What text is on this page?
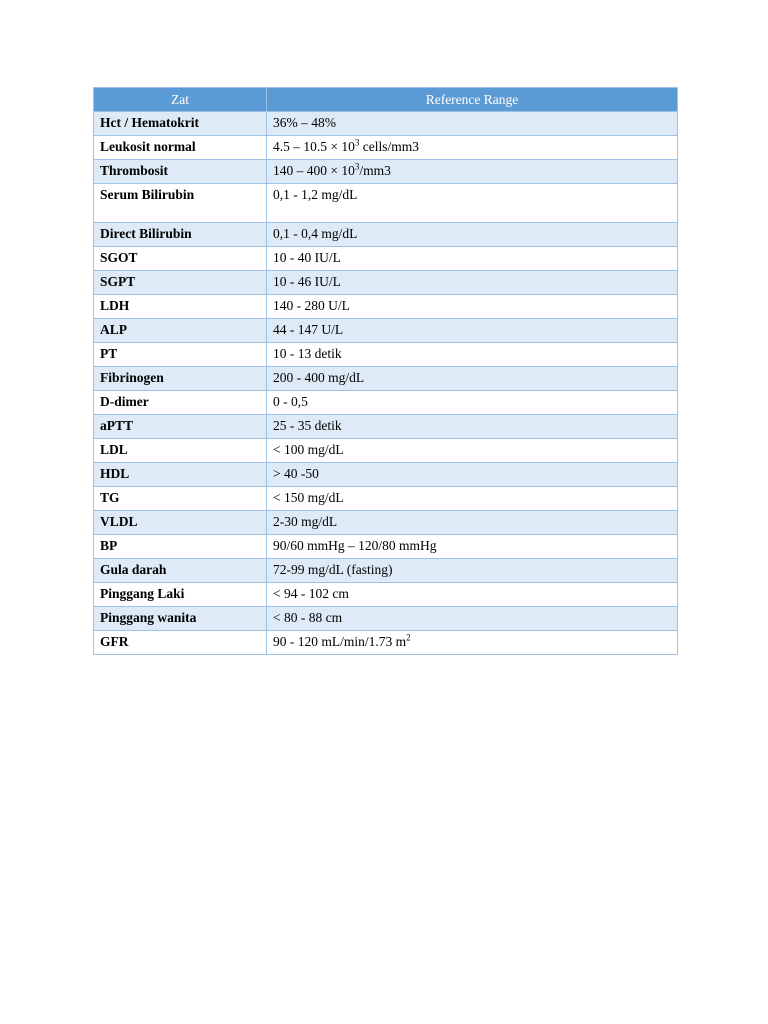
Zat	Reference Range
Hct / Hematokrit	36% – 48%
Leukosit normal	$4.5 - 10.5 \times 10^3$ cells/mm3
Thrombosit	$140 - 400 \times 10^3/mm3$
Serum Bilirubin	0,1 - 1,2 mg/dL
Direct Bilirubin	0,1 - 0,4 mg/dL
SGOT	10 - 40 IU/L
SGPT	10 - 46 IU/L
LDH	140 - 280 U/L
ALP	44 - 147 U/L
PT	10 - 13 detik
Fibrinogen	200 - 400 mg/dL
D-dimer	0 - 0,5
aPTT	25 - 35 detik
LDL	< 100 mg/dL
HDL	> 40 -50
TG	< 150 mg/dL
VLDL	2-30 mg/dL
BP	90/60 mmHg – 120/80 mmHg
Gula darah	72-99 mg/dL (fasting)
Pinggang Laki	< 94 - 102 cm
Pinggang wanita	< 80 - 88 cm
GFR	90 - 120 mL/min/1.73 $m^2$
